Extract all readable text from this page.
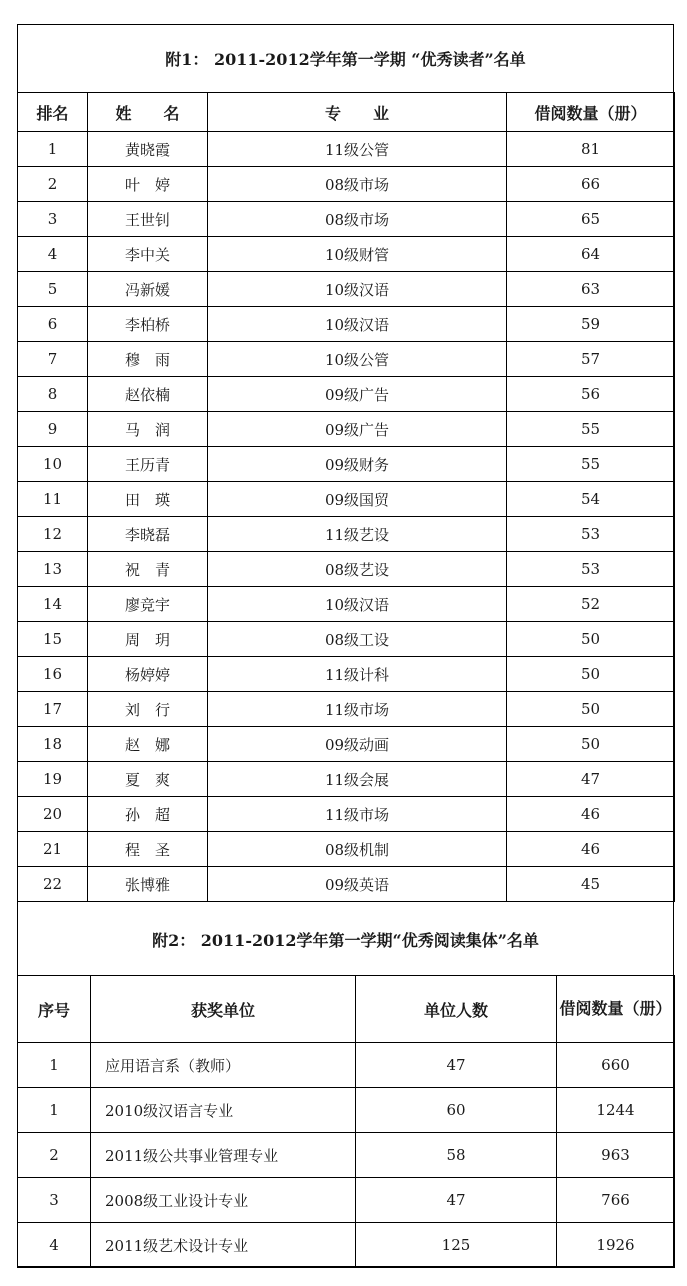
附1： 2011-2012学年第一学期 “优秀读者”名单
排名	姓　　名	专　　业	借阅数量（册）
1	黄晓霞	11级公管	81
2	叶　婷	08级市场	66
3	王世钊	08级市场	65
4	李中关	10级财管	64
5	冯新媛	10级汉语	63
6	李柏桥	10级汉语	59
7	穆　雨	10级公管	57
8	赵依楠	09级广告	56
9	马　润	09级广告	55
10	王历青	09级财务	55
11	田　瑛	09级国贸	54
12	李晓磊	11级艺设	53
13	祝　青	08级艺设	53
14	廖竞宇	10级汉语	52
15	周　玥	08级工设	50
16	杨婷婷	11级计科	50
17	刘　行	11级市场	50
18	赵　娜	09级动画	50
19	夏　爽	11级会展	47
20	孙　超	11级市场	46
21	程　圣	08级机制	46
22	张博雅	09级英语	45
附2： 2011-2012学年第一学期“优秀阅读集体”名单
序号	获奖单位	单位人数	借阅数量（册）
1	应用语言系（教师）	47	660
1	2010级汉语言专业	60	1244
2	2011级公共事业管理专业	58	963
3	2008级工业设计专业	47	766
4	2011级艺术设计专业	125	1926
